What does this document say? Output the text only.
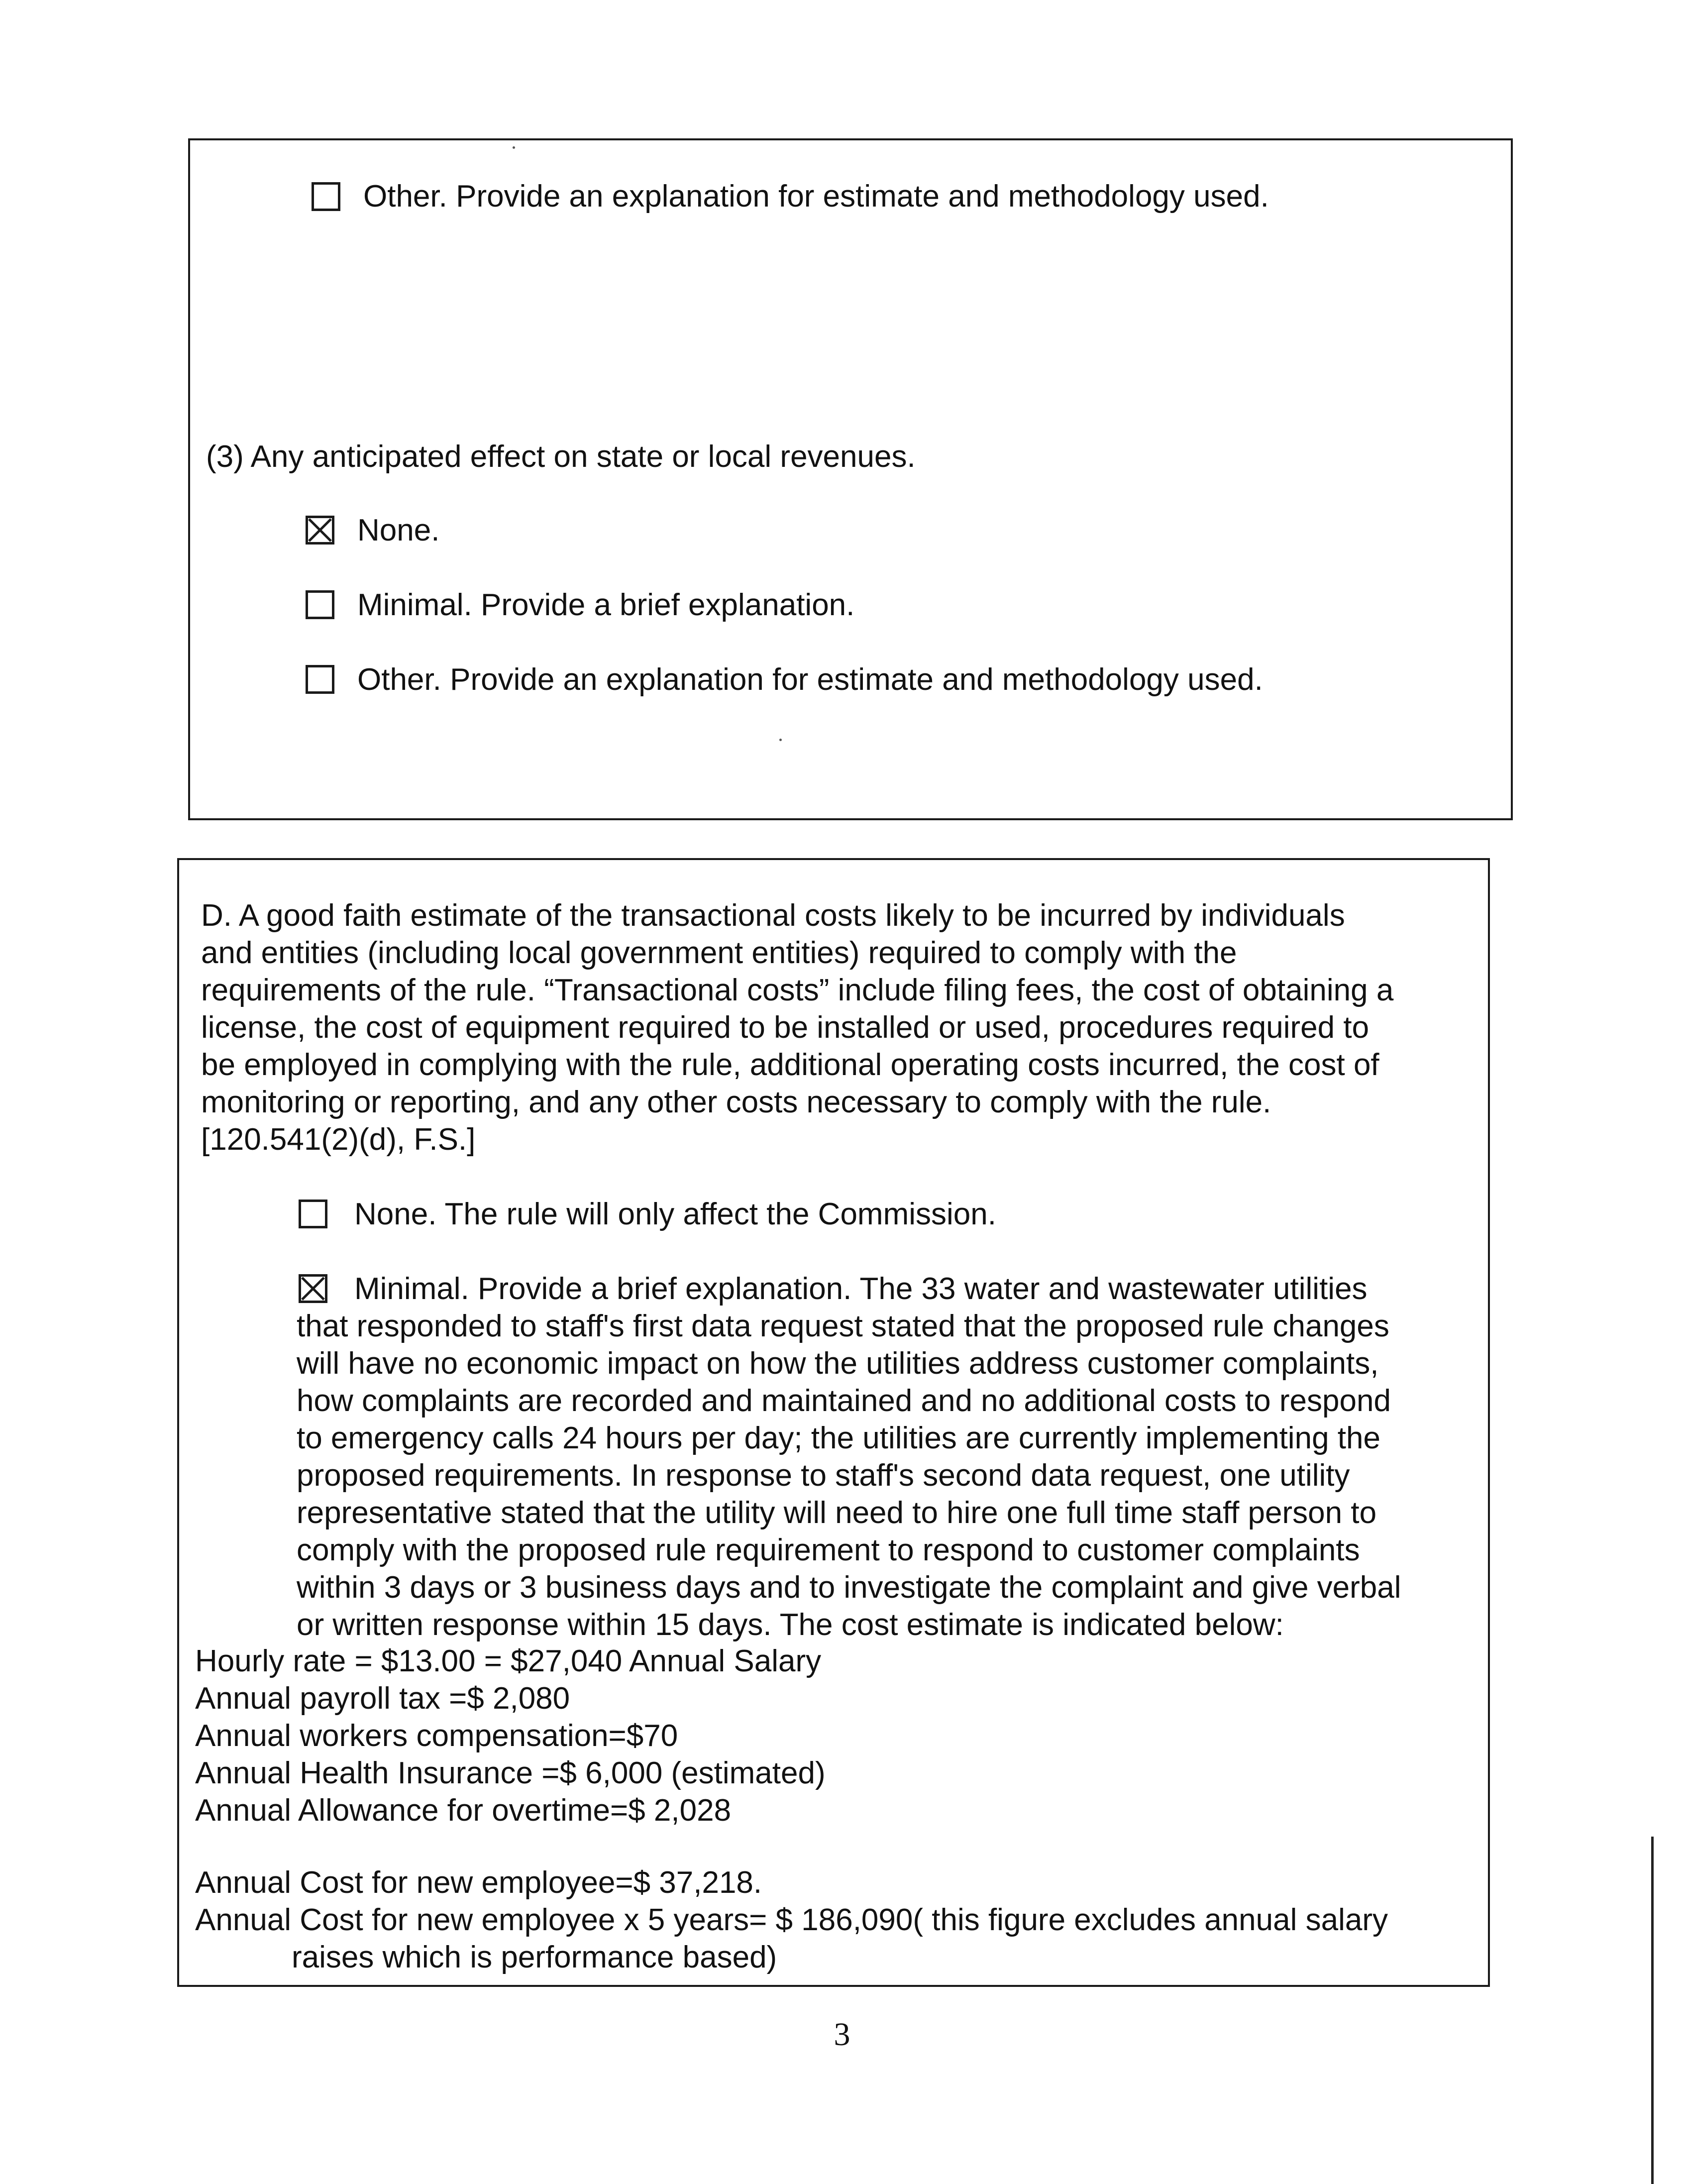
Other. Provide an explanation for estimate and methodology used.
(3) Any anticipated effect on state or local revenues.
None.
Minimal. Provide a brief explanation.
Other. Provide an explanation for estimate and methodology used.
D. A good faith estimate of the transactional costs likely to be incurred by individuals
and entities (including local government entities) required to comply with the
requirements of the rule. “Transactional costs” include filing fees, the cost of obtaining a
license, the cost of equipment required to be installed or used, procedures required to
be employed in complying with the rule, additional operating costs incurred, the cost of
monitoring or reporting, and any other costs necessary to comply with the rule.
[120.541(2)(d), F.S.]
None. The rule will only affect the Commission.
Minimal. Provide a brief explanation. The 33 water and wastewater utilities
that responded to staff's first data request stated that the proposed rule changes
will have no economic impact on how the utilities address customer complaints,
how complaints are recorded and maintained and no additional costs to respond
to emergency calls 24 hours per day; the utilities are currently implementing the
proposed requirements. In response to staff's second data request, one utility
representative stated that the utility will need to hire one full time staff person to
comply with the proposed rule requirement to respond to customer complaints
within 3 days or 3 business days and to investigate the complaint and give verbal
or written response within 15 days. The cost estimate is indicated below:
Hourly rate = $13.00 = $27,040 Annual Salary
Annual payroll tax =$ 2,080
Annual workers compensation=$70
Annual Health Insurance =$ 6,000 (estimated)
Annual Allowance for overtime=$ 2,028
Annual Cost for new employee=$ 37,218.
Annual Cost for new employee x 5 years= $ 186,090( this figure excludes annual salary
raises which is performance based)
3
